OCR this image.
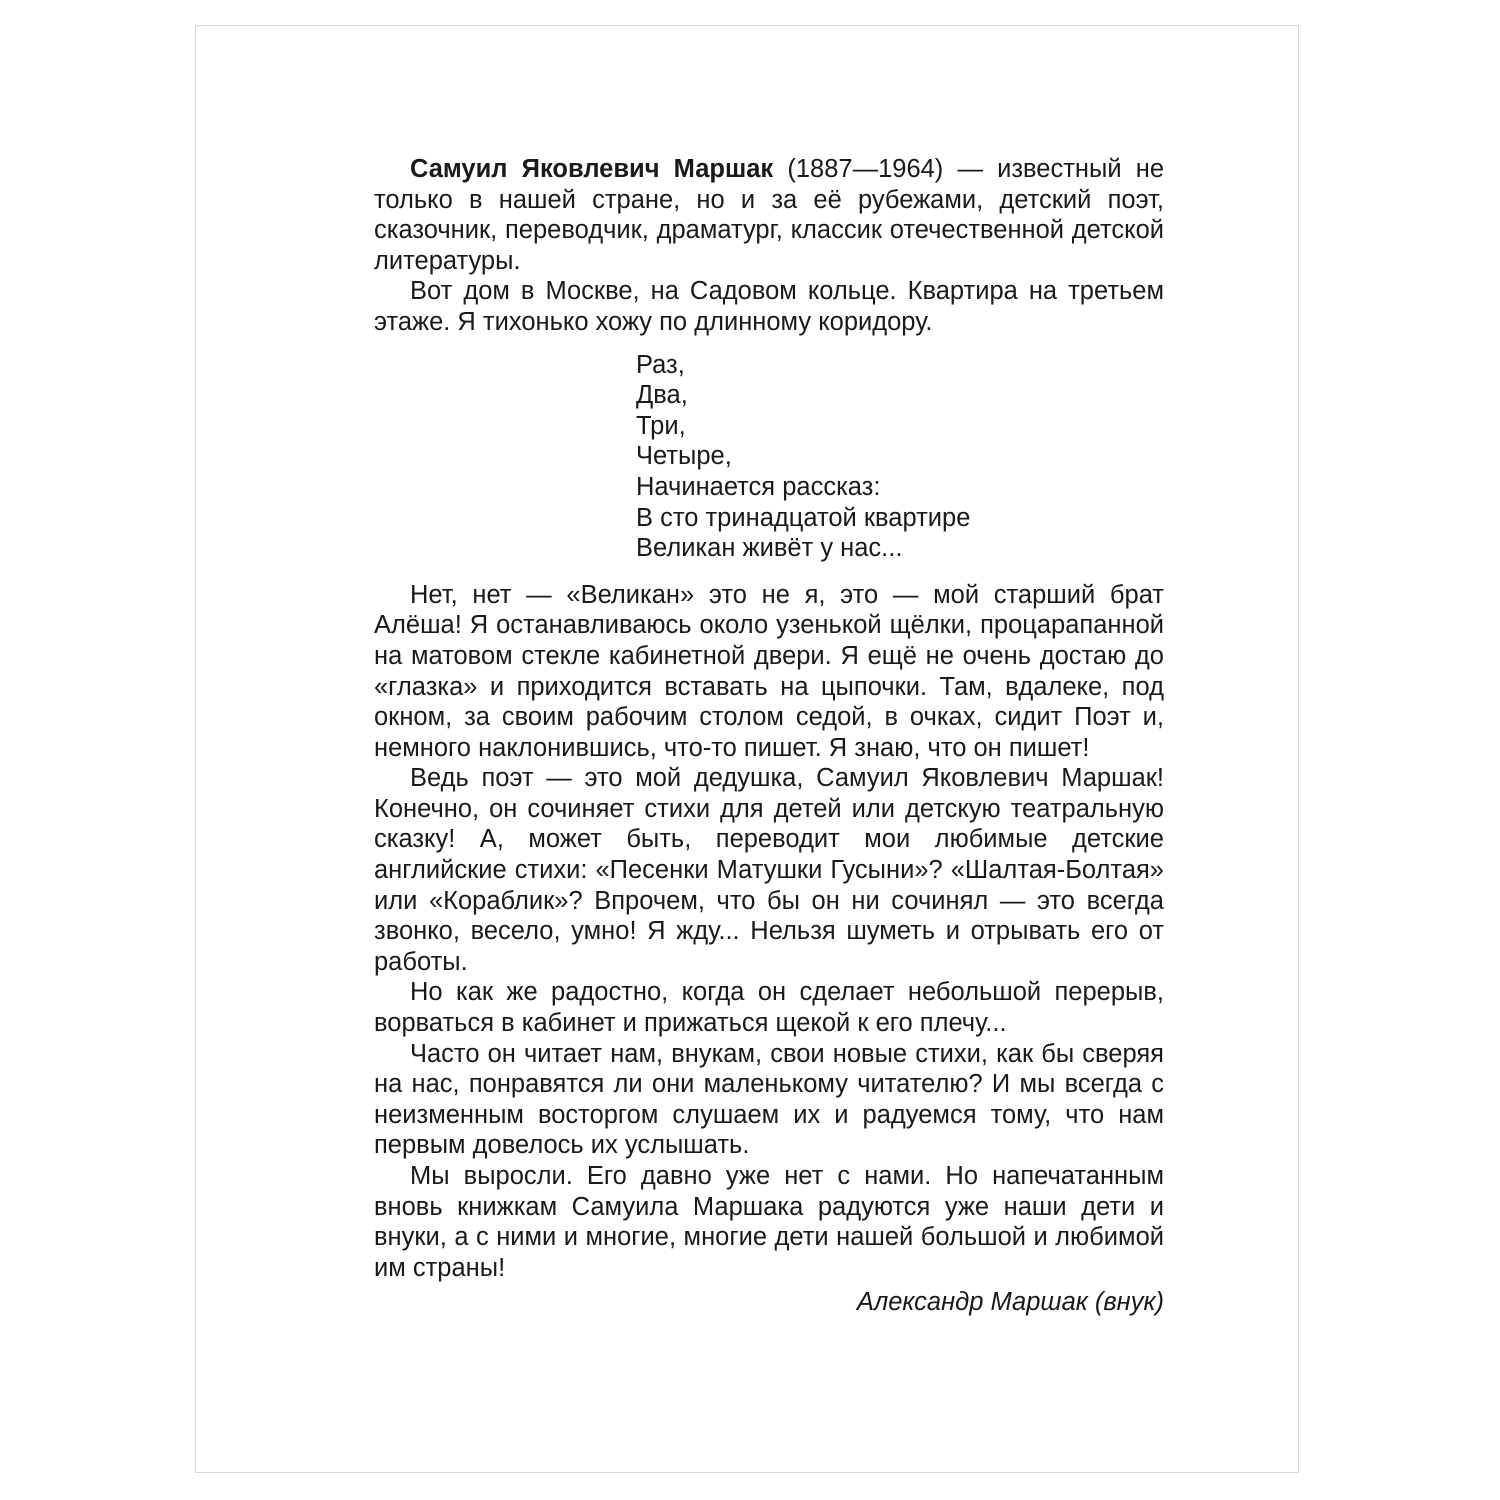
Самуил Яковлевич Маршак (1887—1964) — известный не только в нашей стране, но и за её рубежами, детский поэт, сказочник, переводчик, драматург, классик отечественной детской литературы.

Вот дом в Москве, на Садовом кольце. Квартира на третьем этаже. Я тихонько хожу по длинному коридору.

Раз,
Два,
Три,
Четыре,
Начинается рассказ:
В сто тринадцатой квартире
Великан живёт у нас...

Нет, нет — «Великан» это не я, это — мой старший брат Алёша! Я останавливаюсь около узенькой щёлки, процарапанной на матовом стекле кабинетной двери. Я ещё не очень достаю до «глазка» и приходится вставать на цыпочки. Там, вдалеке, под окном, за своим рабочим столом седой, в очках, сидит Поэт и, немного наклонившись, что-то пишет. Я знаю, что он пишет!

Ведь поэт — это мой дедушка, Самуил Яковлевич Маршак! Конечно, он сочиняет стихи для детей или детскую театральную сказку! А, может быть, переводит мои любимые детские английские стихи: «Песенки Матушки Гусыни»? «Шалтая-Болтая» или «Кораблик»? Впрочем, что бы он ни сочинял — это всегда звонко, весело, умно! Я жду... Нельзя шуметь и отрывать его от работы.

Но как же радостно, когда он сделает небольшой перерыв, ворваться в кабинет и прижаться щекой к его плечу...

Часто он читает нам, внукам, свои новые стихи, как бы сверяя на нас, понравятся ли они маленькому читателю? И мы всегда с неизменным восторгом слушаем их и радуемся тому, что нам первым довелось их услышать.

Мы выросли. Его давно уже нет с нами. Но напечатанным вновь книжкам Самуила Маршака радуются уже наши дети и внуки, а с ними и многие, многие дети нашей большой и любимой им страны!

Александр Маршак (внук)
